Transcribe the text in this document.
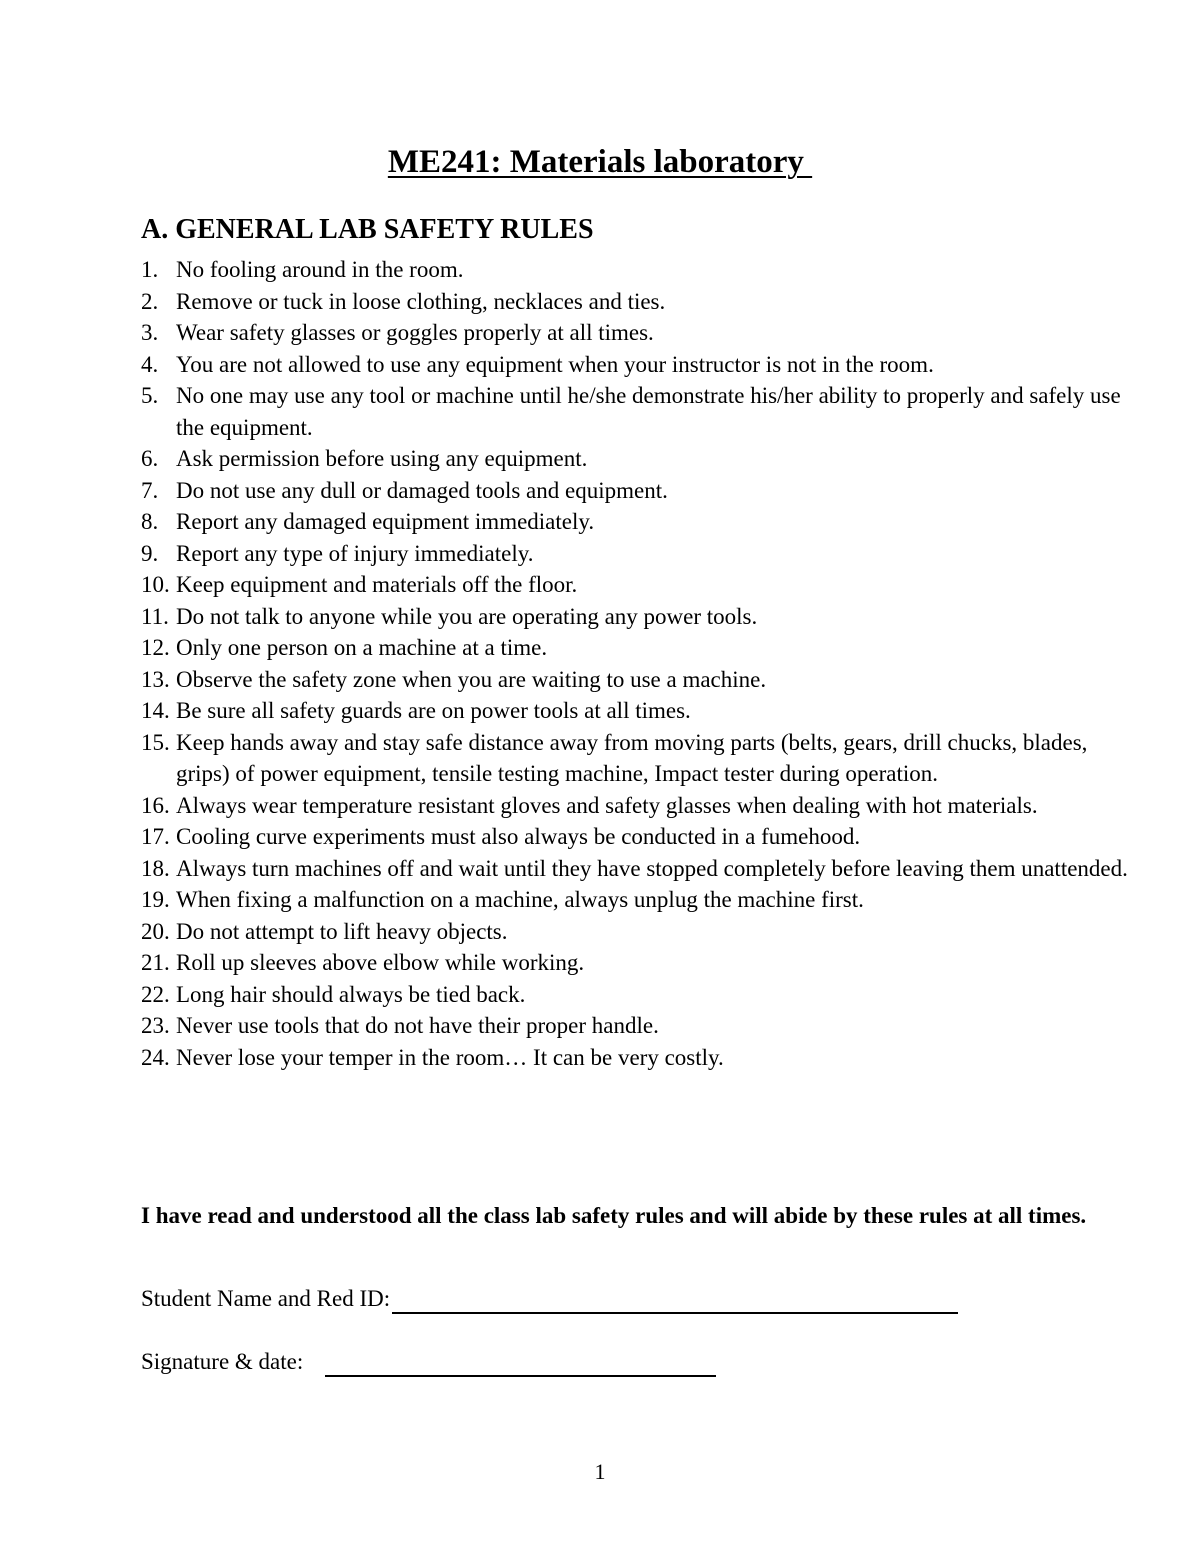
ME241: Materials laboratory
A. GENERAL LAB SAFETY RULES
1. No fooling around in the room.
2. Remove or tuck in loose clothing, necklaces and ties.
3. Wear safety glasses or goggles properly at all times.
4. You are not allowed to use any equipment when your instructor is not in the room.
5. No one may use any tool or machine until he/she demonstrate his/her ability to properly and safely use the equipment.
6. Ask permission before using any equipment.
7. Do not use any dull or damaged tools and equipment.
8. Report any damaged equipment immediately.
9. Report any type of injury immediately.
10. Keep equipment and materials off the floor.
11. Do not talk to anyone while you are operating any power tools.
12. Only one person on a machine at a time.
13. Observe the safety zone when you are waiting to use a machine.
14. Be sure all safety guards are on power tools at all times.
15. Keep hands away and stay safe distance away from moving parts (belts, gears, drill chucks, blades, grips) of power equipment, tensile testing machine, Impact tester during operation.
16. Always wear temperature resistant gloves and safety glasses when dealing with hot materials.
17. Cooling curve experiments must also always be conducted in a fumehood.
18. Always turn machines off and wait until they have stopped completely before leaving them unattended.
19. When fixing a malfunction on a machine, always unplug the machine first.
20. Do not attempt to lift heavy objects.
21. Roll up sleeves above elbow while working.
22. Long hair should always be tied back.
23. Never use tools that do not have their proper handle.
24. Never lose your temper in the room… It can be very costly.

I have read and understood all the class lab safety rules and will abide by these rules at all times.

Student Name and Red ID:
Signature & date:
1
